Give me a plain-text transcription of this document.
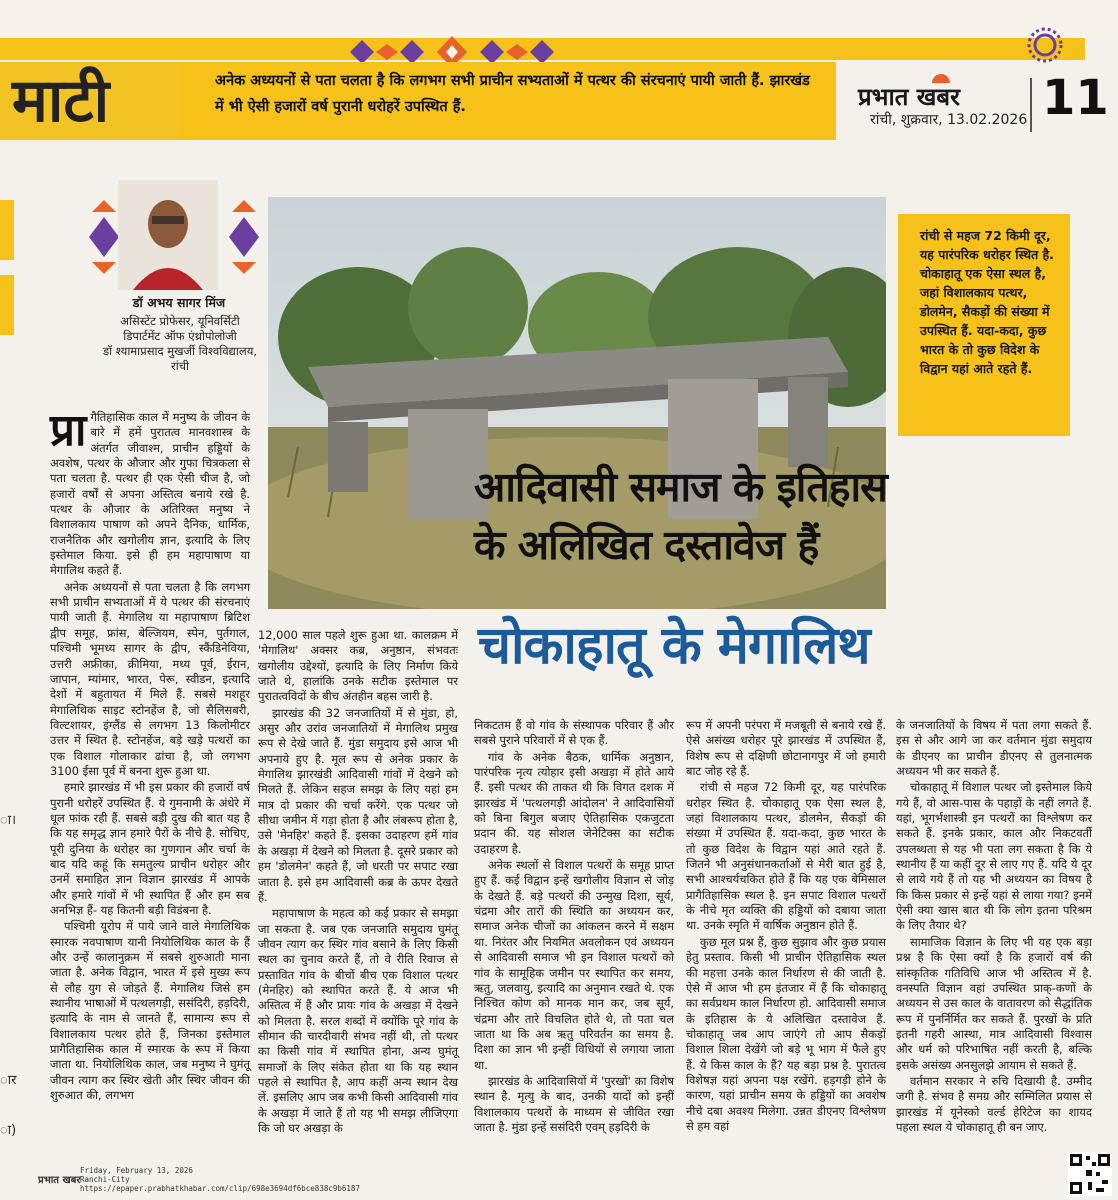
माटी	अनेक अध्ययनों से पता चलता है कि लगभग सभी प्राचीन सभ्यताओं में पत्थर की संरचनाएं पायी जाती हैं. झारखंड में भी ऐसी हजारों वर्ष पुरानी धरोहरें उपस्थित हैं.	प्रभात खबर
रांची, शुक्रवार, 13.02.2026 11
ा।
ार
ा)
डॉ अभय सागर मिंज
असिस्टेंट प्रोफेसर, यूनिवर्सिटी
डिपार्टमेंट ऑफ एंथ्रोपोलोजी
डॉ श्यामाप्रसाद मुखर्जी विश्वविद्यालय,
रांची
रांची से महज 72 किमी दूर, यह पारंपरिक धरोहर स्थित है. चोकाहातू एक ऐसा स्थल है, जहां विशालकाय पत्थर, डोलमेन, सैकड़ों की संख्या में उपस्थित हैं. यदा-कदा, कुछ भारत के तो कुछ विदेश के विद्वान यहां आते रहते हैं.
आदिवासी समाज के इतिहास
के अलिखित दस्तावेज हैं
चोकाहातू के मेगालिथ

प्रा गैतिहासिक काल में मनुष्य के जीवन के बारे में हमें पुरातत्व मानवशास्त्र के अंतर्गत जीवाश्म, प्राचीन हड्डियों के अवशेष, पत्थर के औजार और गुफा चित्रकला से पता चलता है. पत्थर ही एक ऐसी चीज है, जो हजारों वर्षों से अपना अस्तित्व बनाये रखे है. पत्थर के औजार के अतिरिक्त मनुष्य ने विशालकाय पाषाण को अपने दैनिक, धार्मिक, राजनैतिक और खगोलीय ज्ञान, इत्यादि के लिए इस्तेमाल किया. इसे ही हम महापाषाण या मेगालिथ कहते हैं.

अनेक अध्ययनों से पता चलता है कि लगभग सभी प्राचीन सभ्यताओं में ये पत्थर की संरचनाएं पायी जाती हैं. मेगालिथ या महापाषाण ब्रिटिश द्वीप समूह, फ्रांस, बेल्जियम, स्पेन, पुर्तगाल, पश्चिमी भूमध्य सागर के द्वीप, स्कैंडिनेविया, उत्तरी अफ्रीका, क्रीमिया, मध्य पूर्व, ईरान, जापान, म्यांमार, भारत, पेरू, स्वीडन, इत्यादि देशों में बहुतायत में मिले हैं. सबसे मशहूर मेगालिथिक साइट स्टोनहेंज है, जो सैलिसबरी, विल्टशायर, इंग्लैंड से लगभग 13 किलोमीटर उत्तर में स्थित है. स्टोनहेंज, बड़े खड़े पत्थरों का एक विशाल गोलाकार ढांचा है, जो लगभग 3100 ईसा पूर्व में बनना शुरू हुआ था.

हमारे झारखंड में भी इस प्रकार की हजारों वर्ष पुरानी धरोहरें उपस्थित हैं. ये गुमनामी के अंधेरे में धूल फांक रही हैं. सबसे बड़ी दुख की बात यह है कि यह समृद्ध ज्ञान हमारे पैरों के नीचे है. सोचिए, पूरी दुनिया के धरोहर का गुणगान और चर्चा के बाद यदि कहूं कि समतुल्य प्राचीन धरोहर और उनमें समाहित ज्ञान विज्ञान झारखंड में आपके और हमारे गांवों में भी स्थापित हैं और हम सब अनभिज्ञ हैं- यह कितनी बड़ी विडंबना है.

पश्चिमी यूरोप में पाये जाने वाले मेगालिथिक स्मारक नवपाषाण यानी नियोलिथिक काल के हैं और उन्हें कालानुक्रम में सबसे शुरुआती माना जाता है. अनेक विद्वान, भारत में इसे मुख्य रूप से लौह युग से जोड़ते हैं. मेगालिथ जिसे हम स्थानीय भाषाओं में पत्थलगड़ी, ससंदिरी, हड़दिरी, इत्यादि के नाम से जानते हैं, सामान्य रूप से विशालकाय पत्थर होते हैं, जिनका इस्तेमाल प्रागैतिहासिक काल में स्मारक के रूप में किया जाता था. नियोलिथिक काल, जब मनुष्य ने घुमंतू जीवन त्याग कर स्थिर खेती और स्थिर जीवन की शुरुआत की, लगभग

12,000 साल पहले शुरू हुआ था. कालक्रम में 'मेगालिथ' अक्सर कब्र, अनुष्ठान, संभवतः खगोलीय उद्देश्यों, इत्यादि के लिए निर्माण किये जाते थे, हालांकि उनके सटीक इस्तेमाल पर पुरातत्वविदों के बीच अंतहीन बहस जारी है.

झारखंड की 32 जनजातियों में से मुंडा, हो, असुर और उरांव जनजातियों में मेगालिथ प्रमुख रूप से देखे जाते हैं. मुंडा समुदाय इसे आज भी अपनाये हुए है. मूल रूप से अनेक प्रकार के मेगालिथ झारखंडी आदिवासी गांवों में देखने को मिलते हैं. लेकिन सहज समझ के लिए यहां हम मात्र दो प्रकार की चर्चा करेंगे. एक पत्थर जो सीधा जमीन में गड़ा होता है और लंबरूप होता है, उसे 'मेनहिर' कहते हैं. इसका उदाहरण हमें गांव के अखड़ा में देखने को मिलता है. दूसरे प्रकार को हम 'डोलमेन' कहते हैं, जो धरती पर सपाट रखा जाता है. इसे हम आदिवासी कब्र के ऊपर देखते हैं.

महापाषाण के महत्व को कई प्रकार से समझा जा सकता है. जब एक जनजाति समुदाय घुमंतू जीवन त्याग कर स्थिर गांव बसाने के लिए किसी स्थल का चुनाव करते हैं, तो वे रीति रिवाज से प्रस्तावित गांव के बीचों बीच एक विशाल पत्थर (मेनहिर) को स्थापित करते हैं. ये आज भी अस्तित्व में हैं और प्रायः गांव के अखड़ा में देखने को मिलता है. सरल शब्दों में क्योंकि पूरे गांव के सीमान की चारदीवारी संभव नहीं थी, तो पत्थर का किसी गांव में स्थापित होना, अन्य घुमंतू समाजों के लिए संकेत होता था कि यह स्थान पहले से स्थापित है, आप कहीं अन्य स्थान देख लें. इसलिए आप जब कभी किसी आदिवासी गांव के अखड़ा में जाते हैं तो यह भी समझ लीजिएगा कि जो घर अखड़ा के

निकटतम हैं वो गांव के संस्थापक परिवार हैं और सबसे पुराने परिवारों में से एक हैं.

गांव के अनेक बैठक, धार्मिक अनुष्ठान, पारंपरिक नृत्य त्योहार इसी अखड़ा में होते आये हैं. इसी पत्थर की ताकत थी कि विगत दशक में झारखंड में 'पत्थलगड़ी आंदोलन' ने आदिवासियों को बिना बिगुल बजाए ऐतिहासिक एकजुटता प्रदान की. यह सोशल जेनेटिक्स का सटीक उदाहरण है.

अनेक स्थलों से विशाल पत्थरों के समूह प्राप्त हुए हैं. कई विद्वान इन्हें खगोलीय विज्ञान से जोड़ के देखते हैं. बड़े पत्थरों की उन्मुख दिशा, सूर्य, चंद्रमा और तारों की स्थिति का अध्ययन कर, समाज अनेक चीजों का आंकलन करने में सक्षम था. निरंतर और नियमित अवलोकन एवं अध्ययन से आदिवासी समाज भी इन विशाल पत्थरों को गांव के सामूहिक जमीन पर स्थापित कर समय, ऋतु, जलवायु, इत्यादि का अनुमान रखते थे. एक निश्चित कोण को मानक मान कर, जब सूर्य, चंद्रमा और तारे विचलित होते थे, तो पता चल जाता था कि अब ऋतु परिवर्तन का समय है. दिशा का ज्ञान भी इन्हीं विधियों से लगाया जाता था.

झारखंड के आदिवासियों में 'पुरखों' का विशेष स्थान है. मृत्यु के बाद, उनकी यादों को इन्हीं विशालकाय पत्थरों के माध्यम से जीवित रखा जाता है. मुंडा इन्हें ससंदिरी एवम् हड़दिरी के

रूप में अपनी परंपरा में मजबूती से बनाये रखे हैं. ऐसे असंख्य धरोहर पूरे झारखंड में उपस्थित हैं, विशेष रूप से दक्षिणी छोटानागपुर में जो हमारी बाट जोह रहे हैं.

रांची से महज 72 किमी दूर, यह पारंपरिक धरोहर स्थित है. चोकाहातू एक ऐसा स्थल है, जहां विशालकाय पत्थर, डोलमेन, सैकड़ों की संख्या में उपस्थित हैं. यदा-कदा, कुछ भारत के तो कुछ विदेश के विद्वान यहां आते रहते हैं. जितने भी अनुसंधानकर्ताओं से मेरी बात हुई है, सभी आश्चर्यचकित होते हैं कि यह एक बेमिसाल प्रागैतिहासिक स्थल है. इन सपाट विशाल पत्थरों के नीचे मृत व्यक्ति की हड्डियों को दबाया जाता था. उनके स्मृति में वार्षिक अनुष्ठान होते हैं.

कुछ मूल प्रश्न हैं, कुछ सुझाव और कुछ प्रयास हेतु प्रस्ताव. किसी भी प्राचीन ऐतिहासिक स्थल की महत्ता उनके काल निर्धारण से की जाती है. ऐसे में आज भी हम इंतजार में हैं कि चोकाहातू का सर्वप्रथम काल निर्धारण हो. आदिवासी समाज के इतिहास के ये अलिखित दस्तावेज हैं. चोकाहातू जब आप जाएंगे तो आप सैकड़ों विशाल शिला देखेंगे जो बड़े भू भाग में फैले हुए हैं. ये किस काल के हैं? यह बड़ा प्रश्न है. पुरातत्व विशेषज्ञ यहां अपना पक्ष रखेंगे. हड़गड़ी होने के कारण, यहां प्राचीन समय के हड्डियों का अवशेष नीचे दबा अवश्य मिलेगा. उन्नत डीएनए विश्लेषण से हम वहां

के जनजातियों के विषय में पता लगा सकते हैं. इस से और आगे जा कर वर्तमान मुंडा समुदाय के डीएनए का प्राचीन डीएनए से तुलनात्मक अध्ययन भी कर सकते हैं.

चोकाहातू में विशाल पत्थर जो इस्तेमाल किये गये हैं, वो आस-पास के पहाड़ों के नहीं लगते हैं. यहां, भूगर्भशास्त्री इन पत्थरों का विश्लेषण कर सकते हैं. इनके प्रकार, काल और निकटवर्ती उपलब्धता से यह भी पता लग सकता है कि ये स्थानीय हैं या कहीं दूर से लाए गए हैं. यदि ये दूर से लाये गये हैं तो यह भी अध्ययन का विषय है कि किस प्रकार से इन्हें यहां से लाया गया? इनमें ऐसी क्या खास बात थी कि लोग इतना परिश्रम के लिए तैयार थे?

सामाजिक विज्ञान के लिए भी यह एक बड़ा प्रश्न है कि ऐसा क्यों है कि हजारों वर्ष की सांस्कृतिक गतिविधि आज भी अस्तित्व में है. वनस्पति विज्ञान वहां उपस्थित प्राक्-कणों के अध्ययन से उस काल के वातावरण को सैद्धांतिक रूप में पुनर्निर्मित कर सकते हैं. पुरखों के प्रति इतनी गहरी आस्था, मात्र आदिवासी विश्वास और धर्म को परिभाषित नहीं करती है, बल्कि इसके असंख्य अनसुलझे आयाम से सकते हैं.

वर्तमान सरकार ने रुचि दिखायी है. उम्मीद जगी है. संभव है समग्र और सम्मिलित प्रयास से झारखंड में यूनेस्को वर्ल्ड हेरिटेज का शायद पहला स्थल ये चोकाहातू ही बन जाए.

प्रभात खबर
Friday, February 13, 2026
Ranchi-City
https://epaper.prabhatkhabar.com/clip/698e3694df6bce838c9b6187
